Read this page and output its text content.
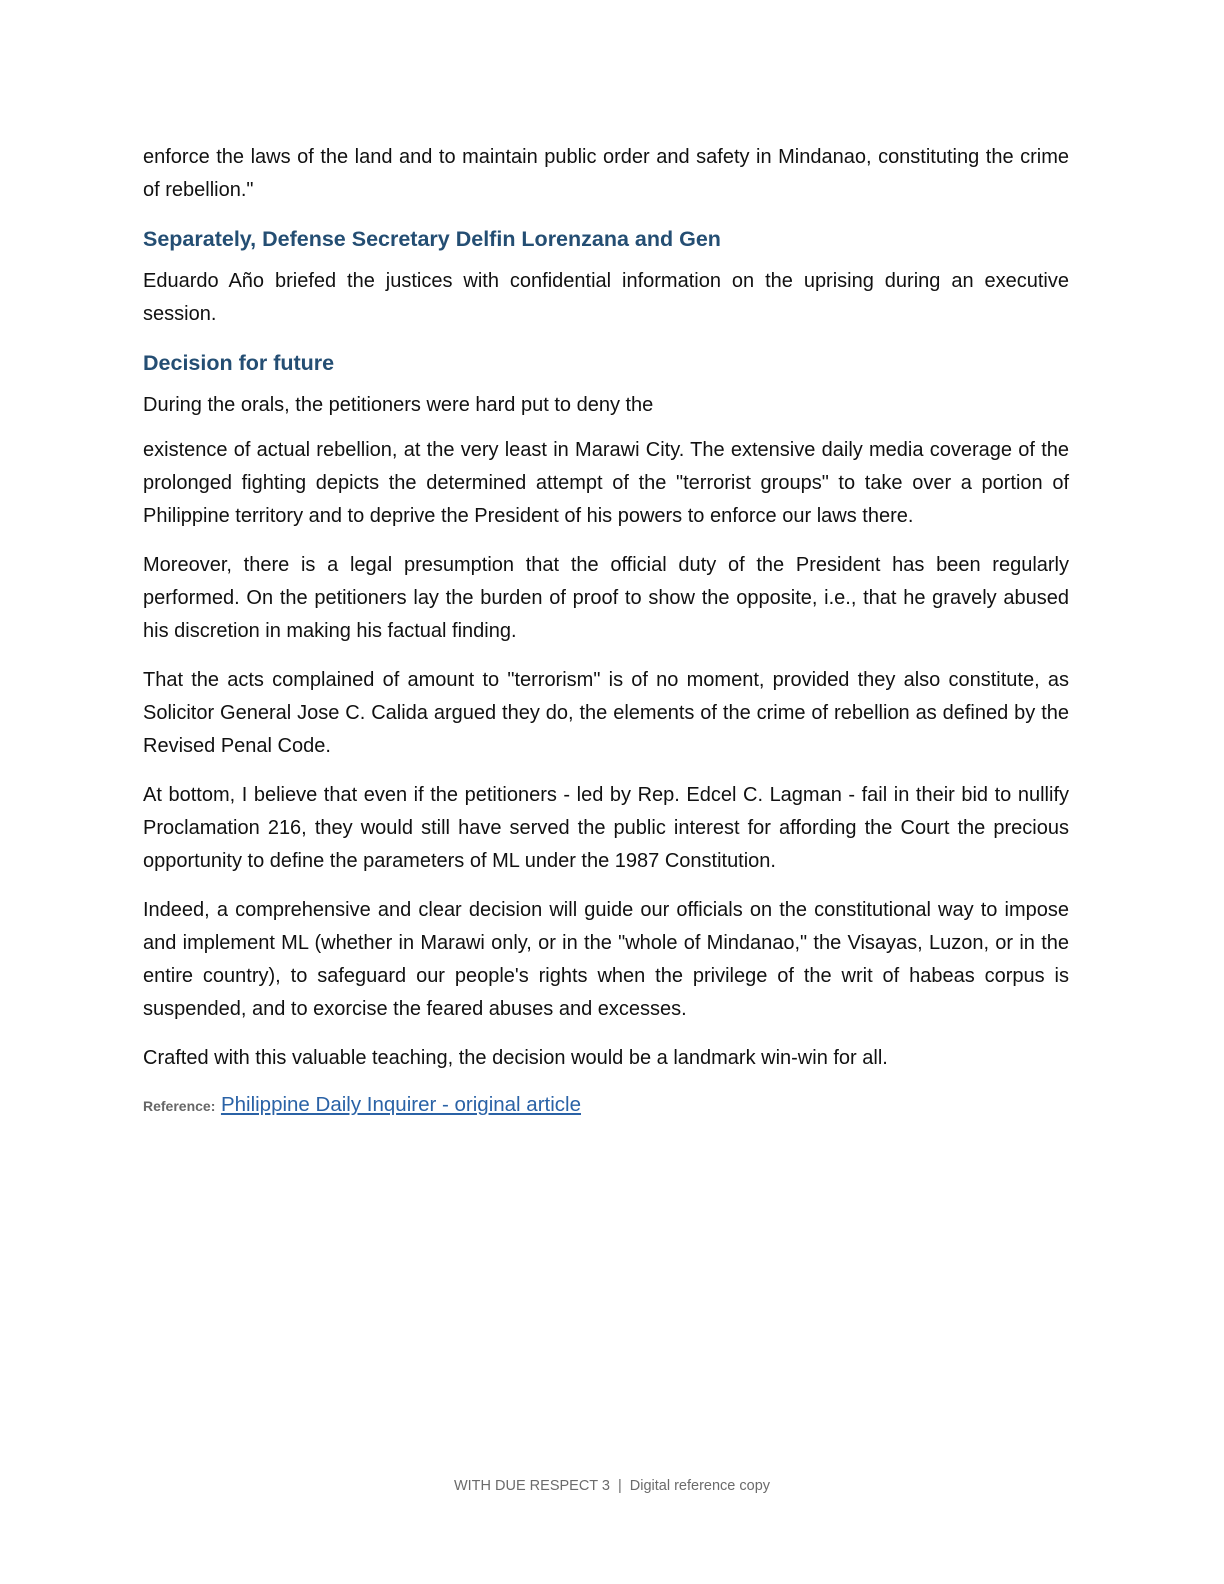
enforce the laws of the land and to maintain public order and safety in Mindanao, constituting the crime of rebellion."

Separately, Defense Secretary Delfin Lorenzana and Gen

Eduardo Año briefed the justices with confidential information on the uprising during an executive session.

Decision for future

During the orals, the petitioners were hard put to deny the

existence of actual rebellion, at the very least in Marawi City. The extensive daily media coverage of the prolonged fighting depicts the determined attempt of the "terrorist groups" to take over a portion of Philippine territory and to deprive the President of his powers to enforce our laws there.

Moreover, there is a legal presumption that the official duty of the President has been regularly performed. On the petitioners lay the burden of proof to show the opposite, i.e., that he gravely abused his discretion in making his factual finding.

That the acts complained of amount to "terrorism" is of no moment, provided they also constitute, as Solicitor General Jose C. Calida argued they do, the elements of the crime of rebellion as defined by the Revised Penal Code.

At bottom, I believe that even if the petitioners - led by Rep. Edcel C. Lagman - fail in their bid to nullify Proclamation 216, they would still have served the public interest for affording the Court the precious opportunity to define the parameters of ML under the 1987 Constitution.

Indeed, a comprehensive and clear decision will guide our officials on the constitutional way to impose and implement ML (whether in Marawi only, or in the "whole of Mindanao," the Visayas, Luzon, or in the entire country), to safeguard our people's rights when the privilege of the writ of habeas corpus is suspended, and to exorcise the feared abuses and excesses.

Crafted with this valuable teaching, the decision would be a landmark win-win for all.

Reference: Philippine Daily Inquirer - original article
WITH DUE RESPECT 3 | Digital reference copy
